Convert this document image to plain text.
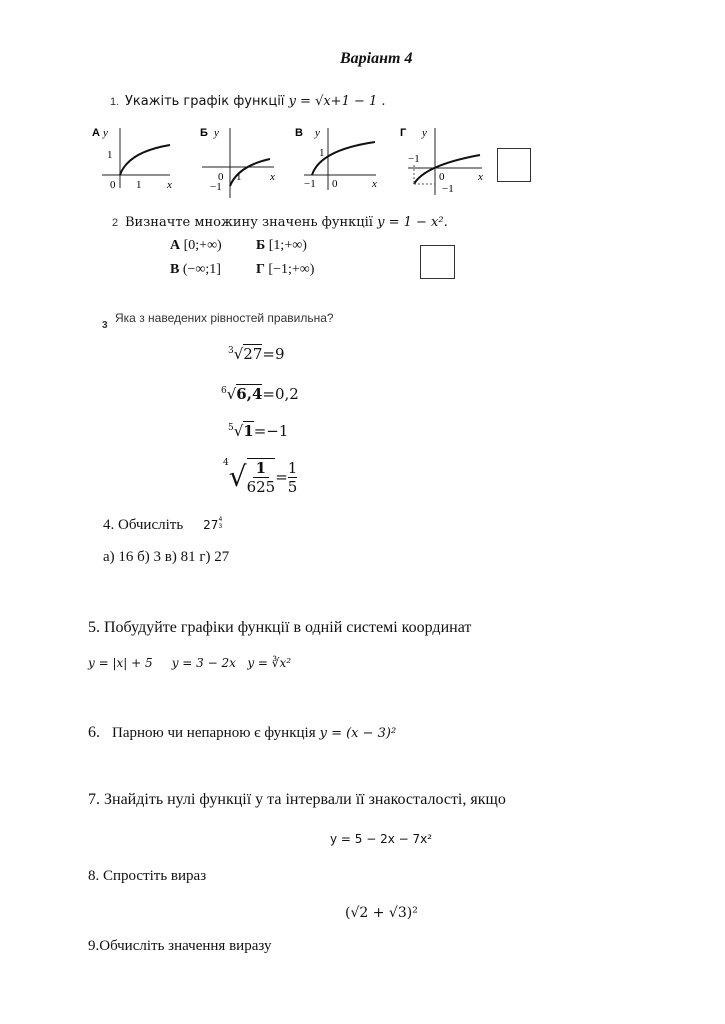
Варіант 4
1. Укажіть графік функції y = √x+1 − 1 .
А y
1
0 1 x
Б y
0 1
−1
x
В y
1
−1 0	x
Г y
−1
0
−1
x
2 Визначте множину значень функції y = 1 − x².
А [0;+∞) Б [1;+∞)
В (−∞;1]	Г [−1;+∞)
3
Яка з наведених рівностей правильна?
$^3$√27=9
$^6$√6,4=0,2
$^5$√1=−1
4 √ $\frac{1}{625} = \frac{1}{5}$
4. Обчисліть 27 4
3
а) 16 б) 3 в) 81 г) 27
5. Побудуйте графіки функції в одній системі координат
y = |x| + 5     y = 3 − 2x   y = ∛x²
6. Парною чи непарною є функція y = (x − 3)²
7. Знайдіть нулі функції у та інтервали її знакосталості, якщо
y = 5 − 2x − 7x²
8. Спростіть вираз
(√2 + √3)²
9.Обчисліть значення виразу
